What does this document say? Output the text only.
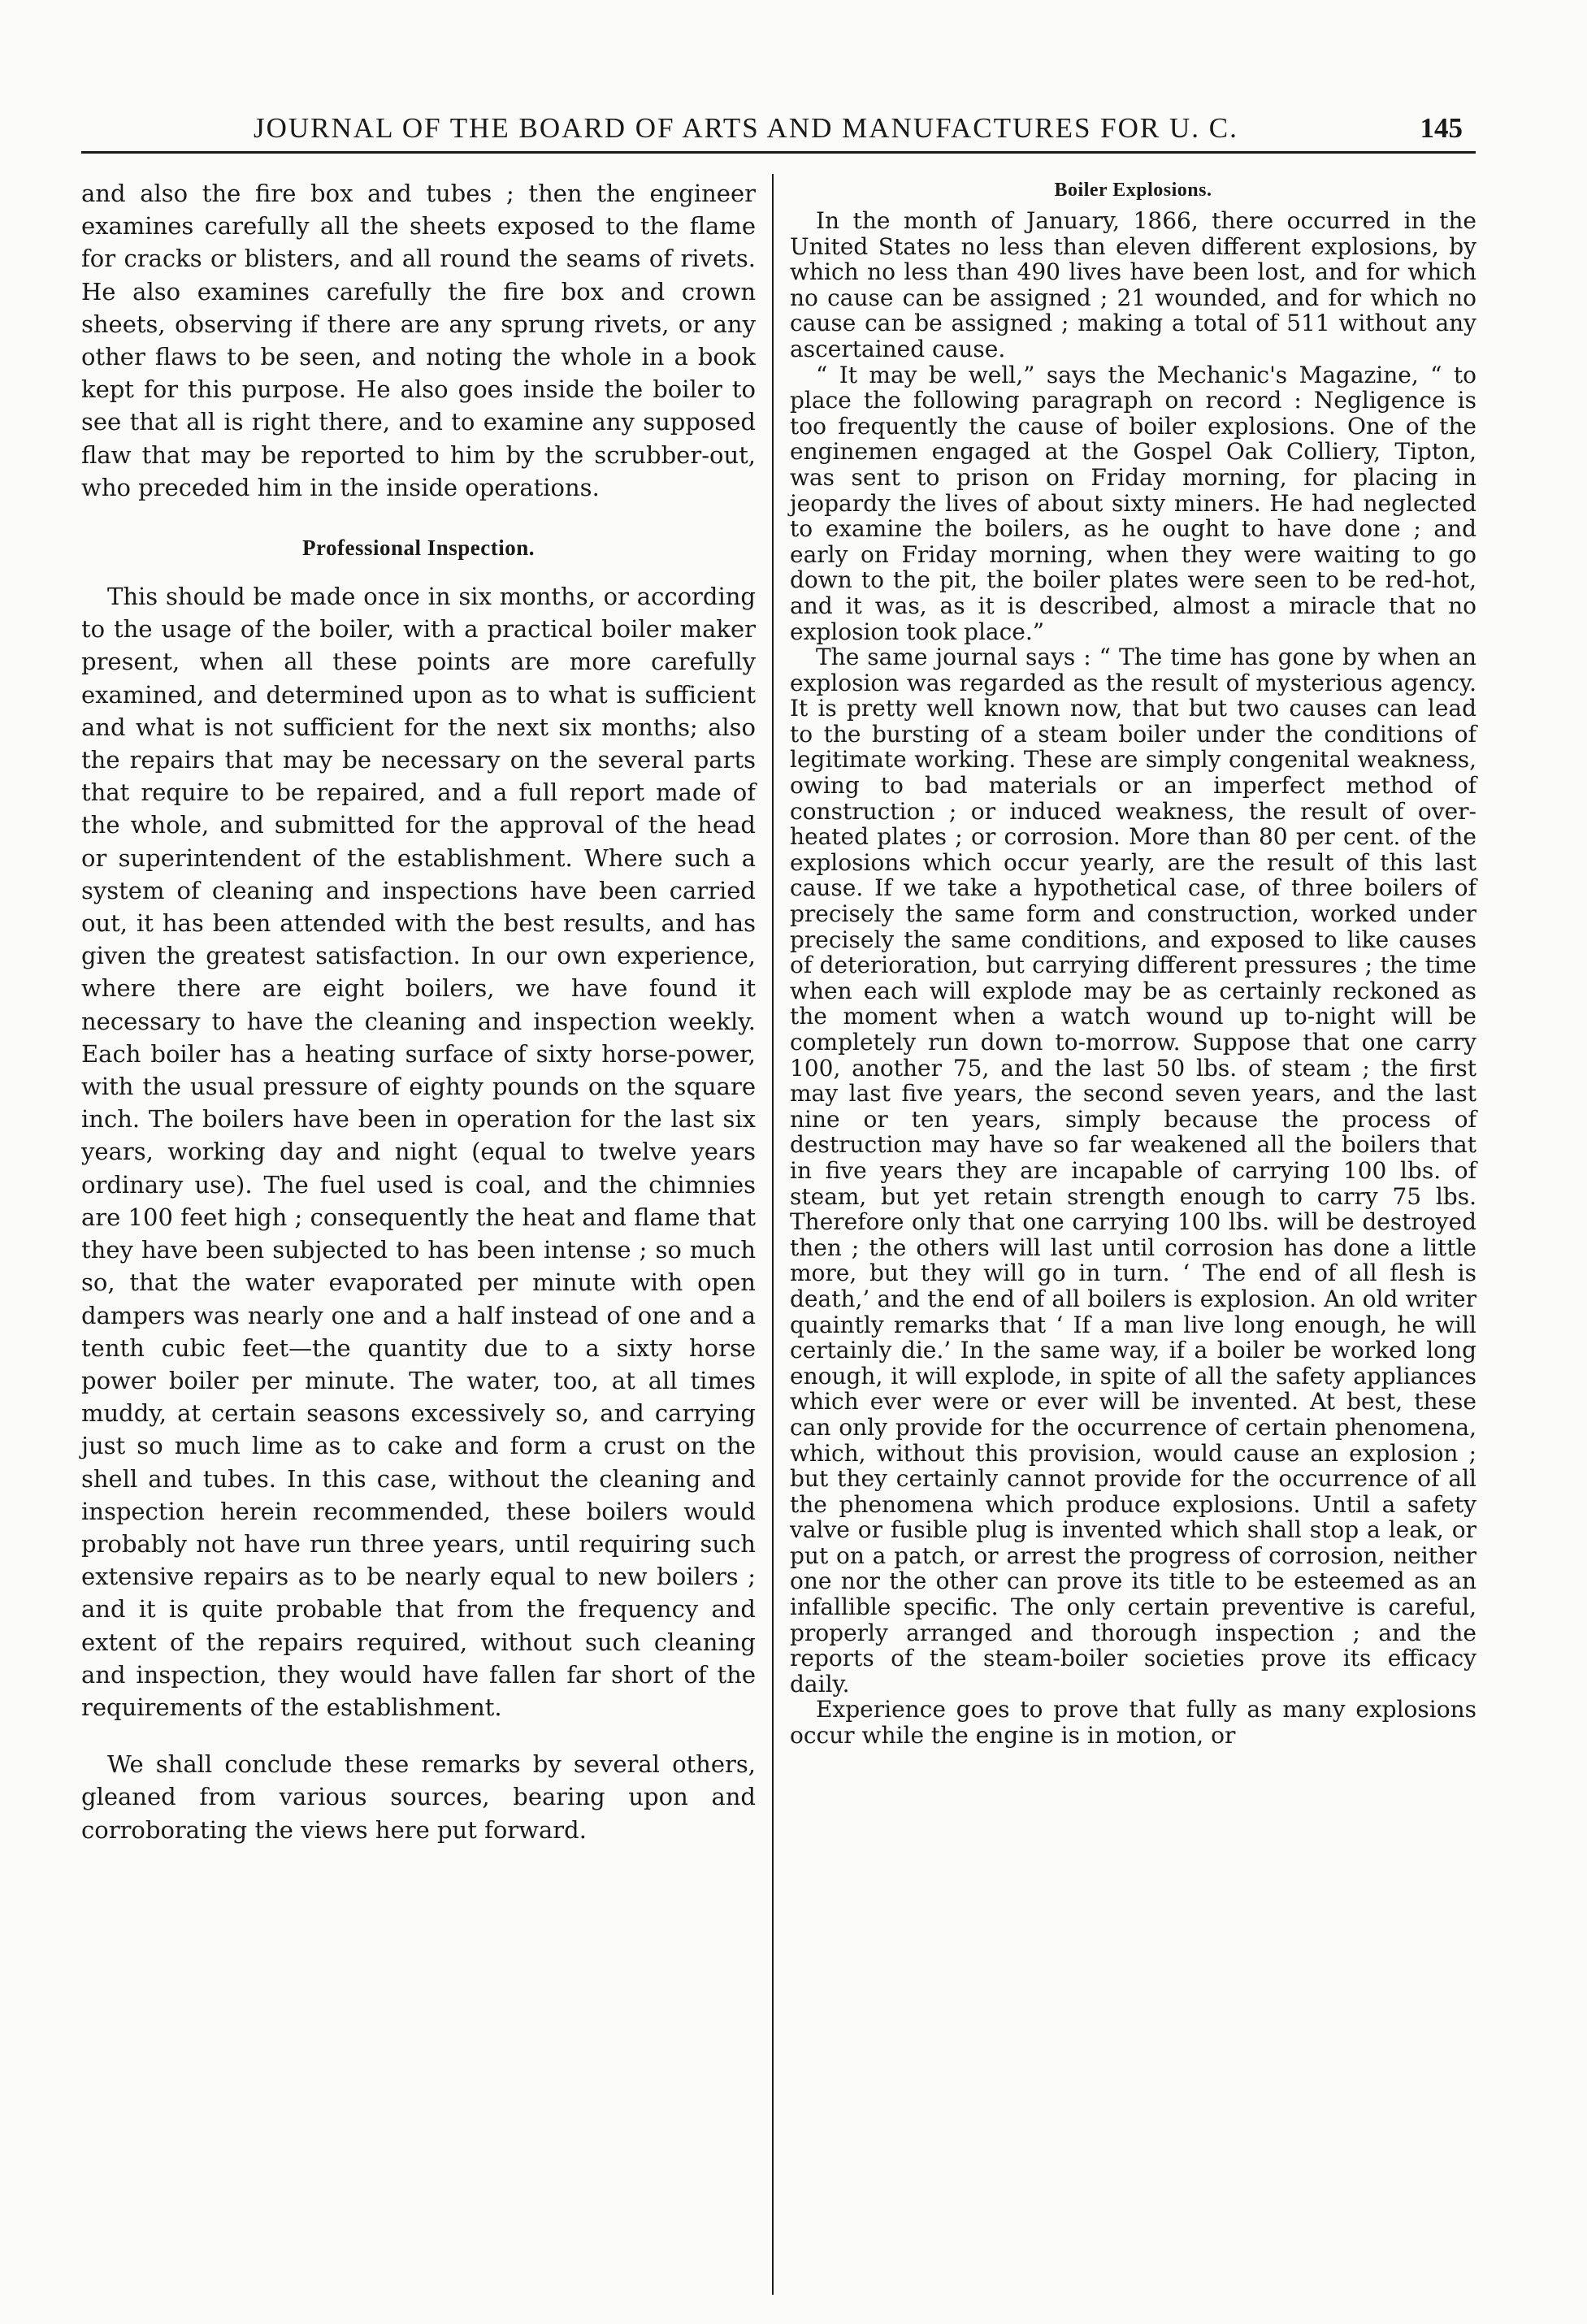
JOURNAL OF THE BOARD OF ARTS AND MANUFACTURES FOR U. C.	145

and also the fire box and tubes ; then the engineer examines carefully all the sheets exposed to the flame for cracks or blisters, and all round the seams of rivets. He also examines carefully the fire box and crown sheets, observing if there are any sprung rivets, or any other flaws to be seen, and noting the whole in a book kept for this purpose. He also goes inside the boiler to see that all is right there, and to examine any supposed flaw that may be reported to him by the scrubber-out, who preceded him in the inside operations.

Professional Inspection.

This should be made once in six months, or according to the usage of the boiler, with a practical boiler maker present, when all these points are more carefully examined, and determined upon as to what is sufficient and what is not sufficient for the next six months; also the repairs that may be necessary on the several parts that require to be repaired, and a full report made of the whole, and submitted for the approval of the head or superintendent of the establishment. Where such a system of cleaning and inspections have been carried out, it has been attended with the best results, and has given the greatest satisfaction. In our own experience, where there are eight boilers, we have found it necessary to have the cleaning and inspection weekly. Each boiler has a heating surface of sixty horse-power, with the usual pressure of eighty pounds on the square inch. The boilers have been in operation for the last six years, working day and night (equal to twelve years ordinary use). The fuel used is coal, and the chimnies are 100 feet high ; consequently the heat and flame that they have been subjected to has been intense ; so much so, that the water evaporated per minute with open dampers was nearly one and a half instead of one and a tenth cubic feet—the quantity due to a sixty horse power boiler per minute. The water, too, at all times muddy, at certain seasons excessively so, and carrying just so much lime as to cake and form a crust on the shell and tubes. In this case, without the cleaning and inspection herein recommended, these boilers would probably not have run three years, until requiring such extensive repairs as to be nearly equal to new boilers ; and it is quite probable that from the frequency and extent of the repairs required, without such cleaning and inspection, they would have fallen far short of the requirements of the establishment.

We shall conclude these remarks by several others, gleaned from various sources, bearing upon and corroborating the views here put forward.

Boiler Explosions.

In the month of January, 1866, there occurred in the United States no less than eleven different explosions, by which no less than 490 lives have been lost, and for which no cause can be assigned ; 21 wounded, and for which no cause can be assigned ; making a total of 511 without any ascertained cause.

“ It may be well,” says the Mechanic's Magazine, “ to place the following paragraph on record : Negligence is too frequently the cause of boiler explosions. One of the enginemen engaged at the Gospel Oak Colliery, Tipton, was sent to prison on Friday morning, for placing in jeopardy the lives of about sixty miners. He had neglected to examine the boilers, as he ought to have done ; and early on Friday morning, when they were waiting to go down to the pit, the boiler plates were seen to be red-hot, and it was, as it is described, almost a miracle that no explosion took place.”

The same journal says : “ The time has gone by when an explosion was regarded as the result of mysterious agency. It is pretty well known now, that but two causes can lead to the bursting of a steam boiler under the conditions of legitimate working. These are simply congenital weakness, owing to bad materials or an imperfect method of construction ; or induced weakness, the result of over-heated plates ; or corrosion. More than 80 per cent. of the explosions which occur yearly, are the result of this last cause. If we take a hypothetical case, of three boilers of precisely the same form and construction, worked under precisely the same conditions, and exposed to like causes of deterioration, but carrying different pressures ; the time when each will explode may be as certainly reckoned as the moment when a watch wound up to-night will be completely run down to-morrow. Suppose that one carry 100, another 75, and the last 50 lbs. of steam ; the first may last five years, the second seven years, and the last nine or ten years, simply because the process of destruction may have so far weakened all the boilers that in five years they are incapable of carrying 100 lbs. of steam, but yet retain strength enough to carry 75 lbs. Therefore only that one carrying 100 lbs. will be destroyed then ; the others will last until corrosion has done a little more, but they will go in turn. ‘ The end of all flesh is death,’ and the end of all boilers is explosion. An old writer quaintly remarks that ‘ If a man live long enough, he will certainly die.’ In the same way, if a boiler be worked long enough, it will explode, in spite of all the safety appliances which ever were or ever will be invented. At best, these can only provide for the occurrence of certain phenomena, which, without this provision, would cause an explosion ; but they certainly cannot provide for the occurrence of all the phenomena which produce explosions. Until a safety valve or fusible plug is invented which shall stop a leak, or put on a patch, or arrest the progress of corrosion, neither one nor the other can prove its title to be esteemed as an infallible specific. The only certain preventive is careful, properly arranged and thorough inspection ; and the reports of the steam-boiler societies prove its efficacy daily.

Experience goes to prove that fully as many explosions occur while the engine is in motion, or
